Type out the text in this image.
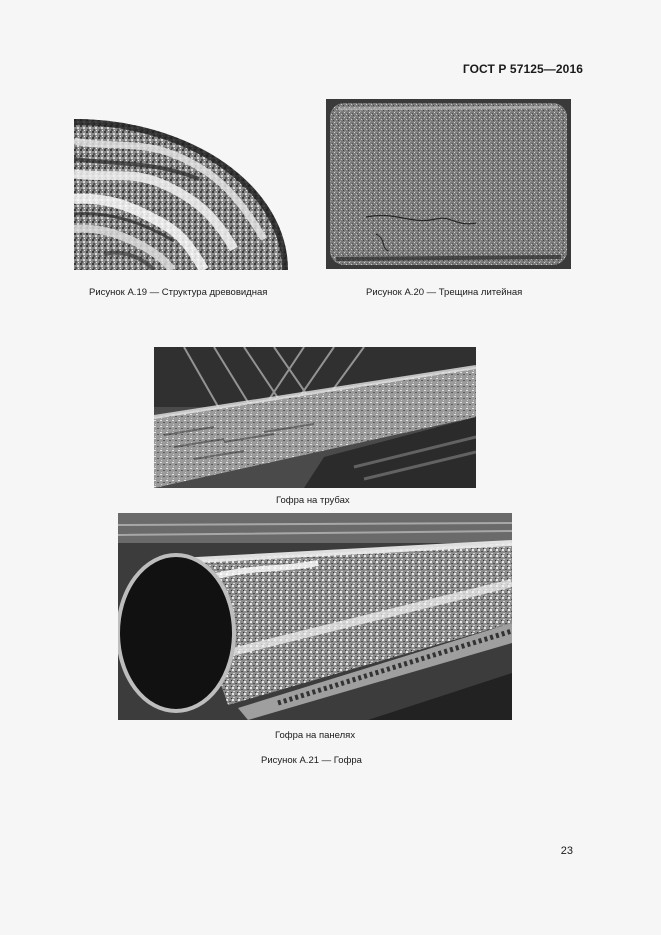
ГОСТ Р 57125—2016
Рисунок А.19 — Структура древовидная	Рисунок А.20 — Трещина литейная
Гофра на трубах
Гофра на панелях
Рисунок А.21 — Гофра
23
